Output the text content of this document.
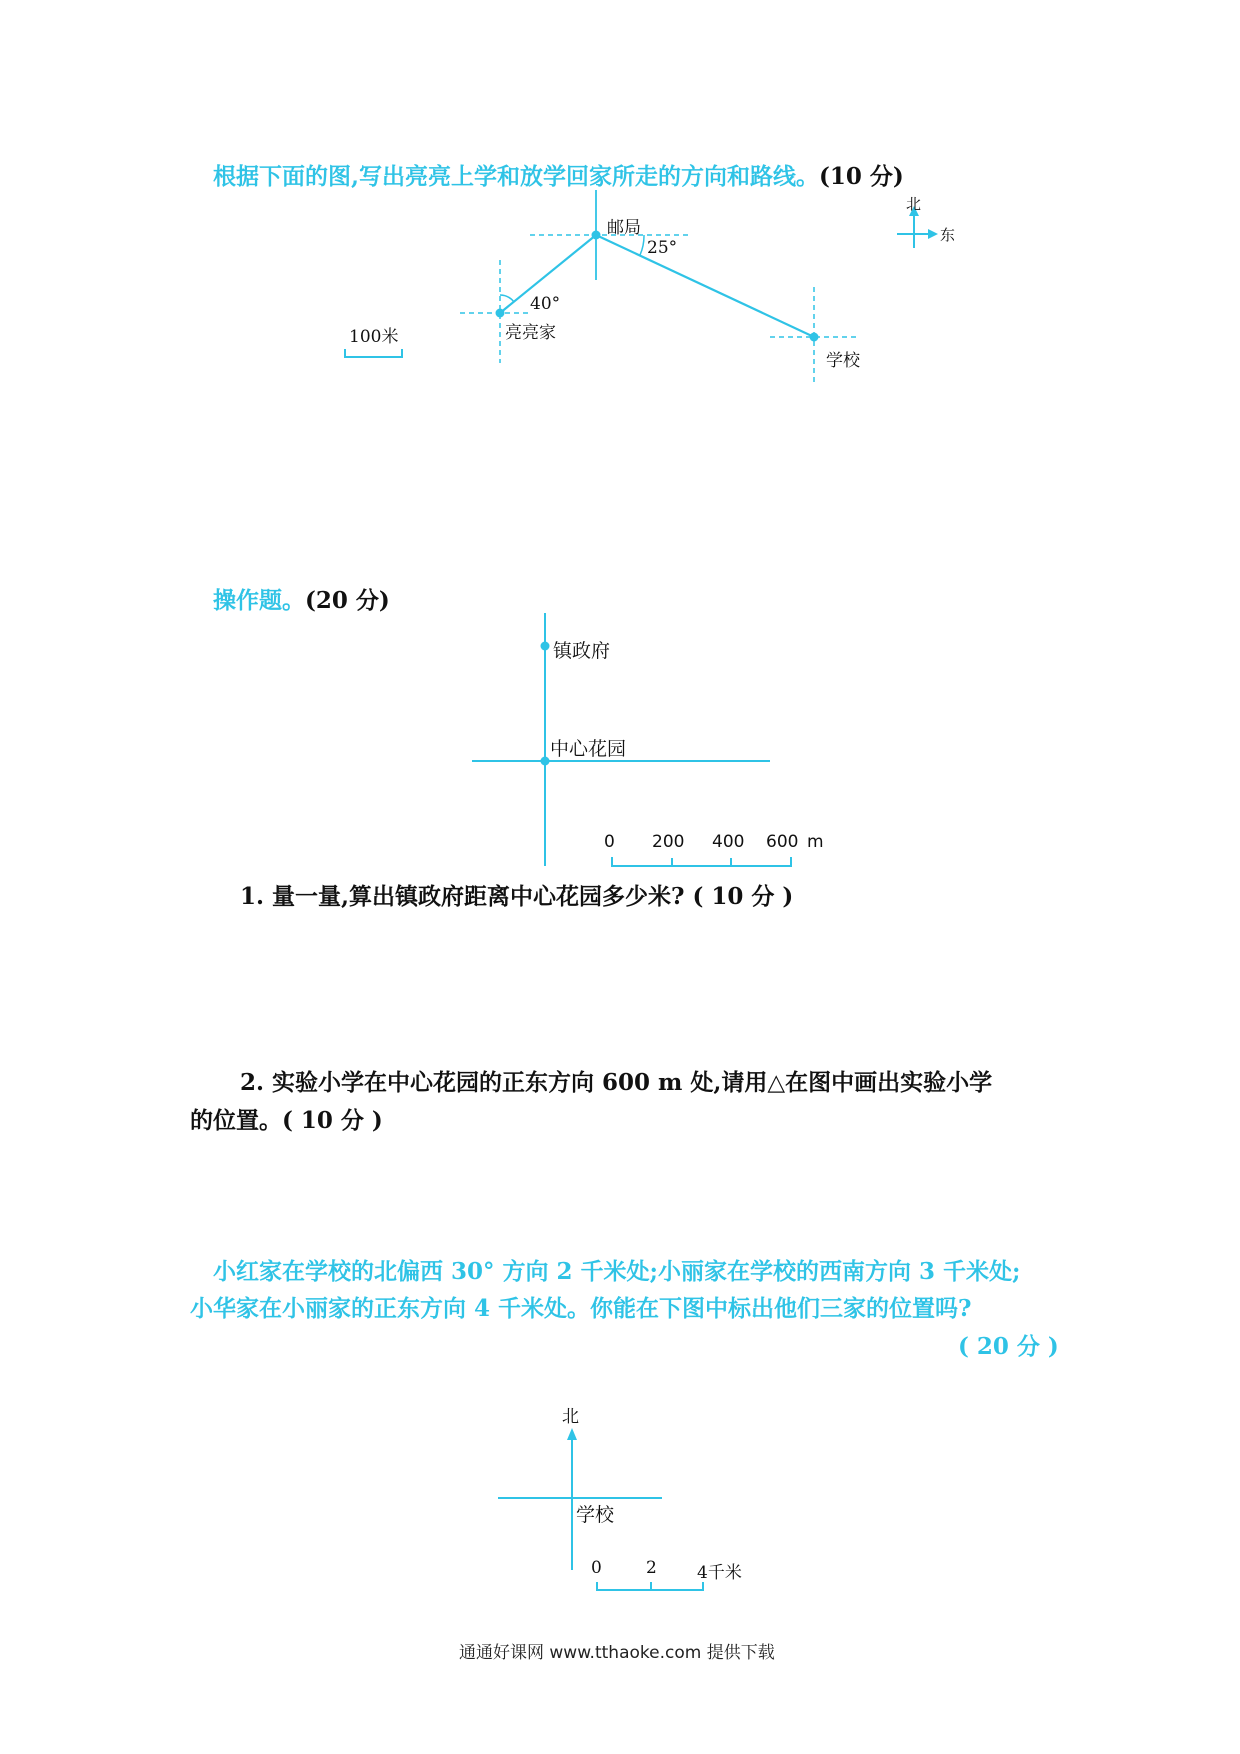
根据下面的图,写出亮亮上学和放学回家所走的方向和路线。(10 分)
邮局
25°
40°
亮亮家
学校
100米
北
东
操作题。(20 分)
镇政府
中心花园
0 200 400 600 m
1. 量一量,算出镇政府距离中心花园多少米? ( 10 分 )
2. 实验小学在中心花园的正东方向 600 m 处,请用△在图中画出实验小学
的位置。( 10 分 )
小红家在学校的北偏西 30° 方向 2 千米处;小丽家在学校的西南方向 3 千米处;
小华家在小丽家的正东方向 4 千米处。你能在下图中标出他们三家的位置吗?
( 20 分 )
北
学校
0	2 4千米
通通好课网 www.tthaoke.com 提供下载
